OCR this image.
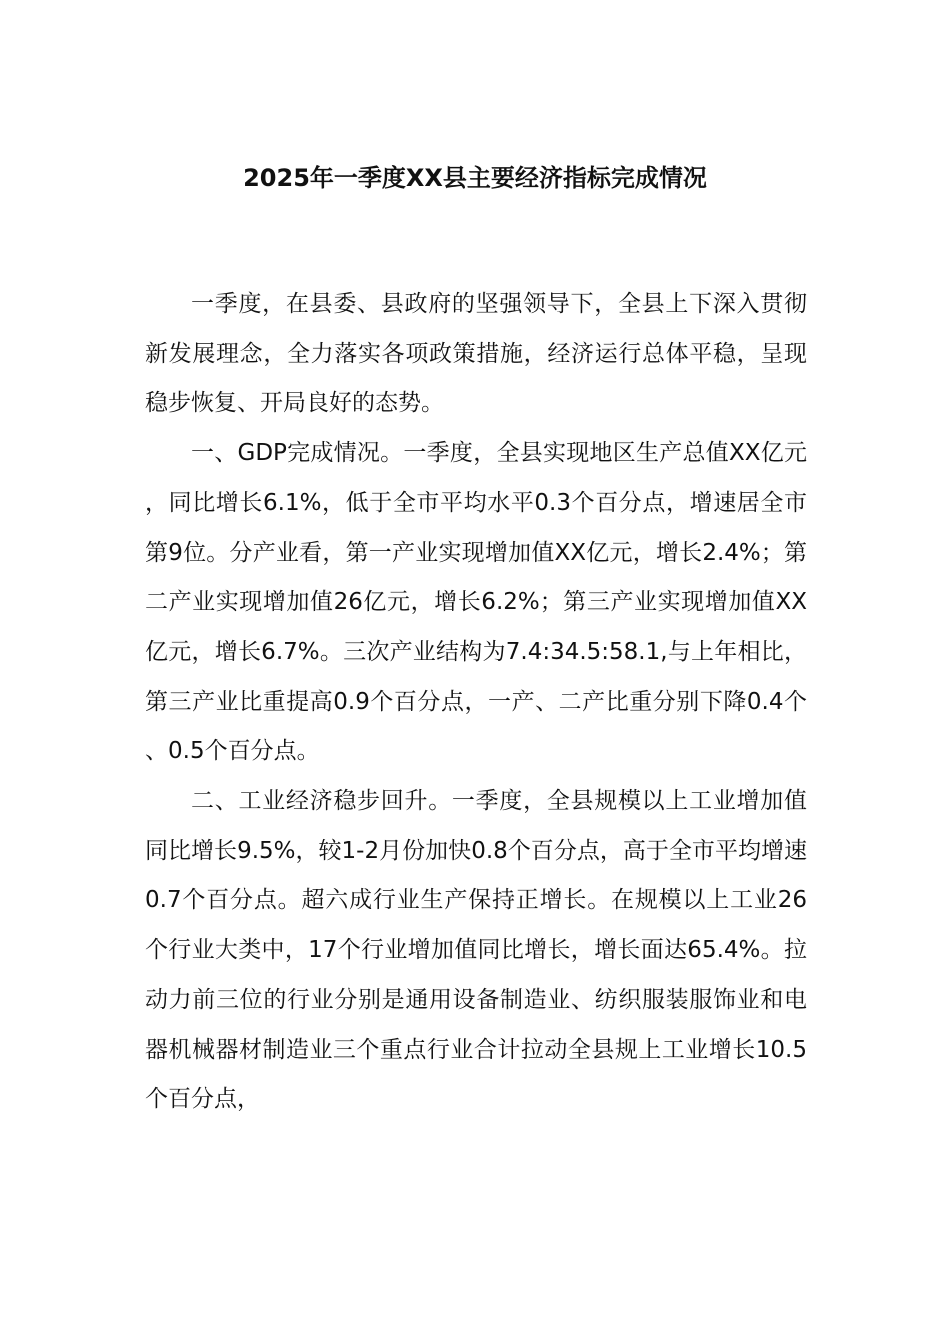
2025年一季度XX县主要经济指标完成情况

一季度，在县委、县政府的坚强领导下，全县上下深入贯彻新发展理念，全力落实各项政策措施，经济运行总体平稳，呈现稳步恢复、开局良好的态势。

一、GDP完成情况。一季度，全县实现地区生产总值XX亿元，同比增长6.1%，低于全市平均水平0.3个百分点，增速居全市第9位。分产业看，第一产业实现增加值XX亿元，增长2.4%；第二产业实现增加值26亿元，增长6.2%；第三产业实现增加值XX亿元，增长6.7%。三次产业结构为7.4:34.5:58.1,与上年相比，第三产业比重提高0.9个百分点，一产、二产比重分别下降0.4个、0.5个百分点。

二、工业经济稳步回升。一季度，全县规模以上工业增加值同比增长9.5%，较1-2月份加快0.8个百分点，高于全市平均增速0.7个百分点。超六成行业生产保持正增长。在规模以上工业26个行业大类中，17个行业增加值同比增长，增长面达65.4%。拉动力前三位的行业分别是通用设备制造业、纺织服装服饰业和电器机械器材制造业三个重点行业合计拉动全县规上工业增长10.5个百分点，
